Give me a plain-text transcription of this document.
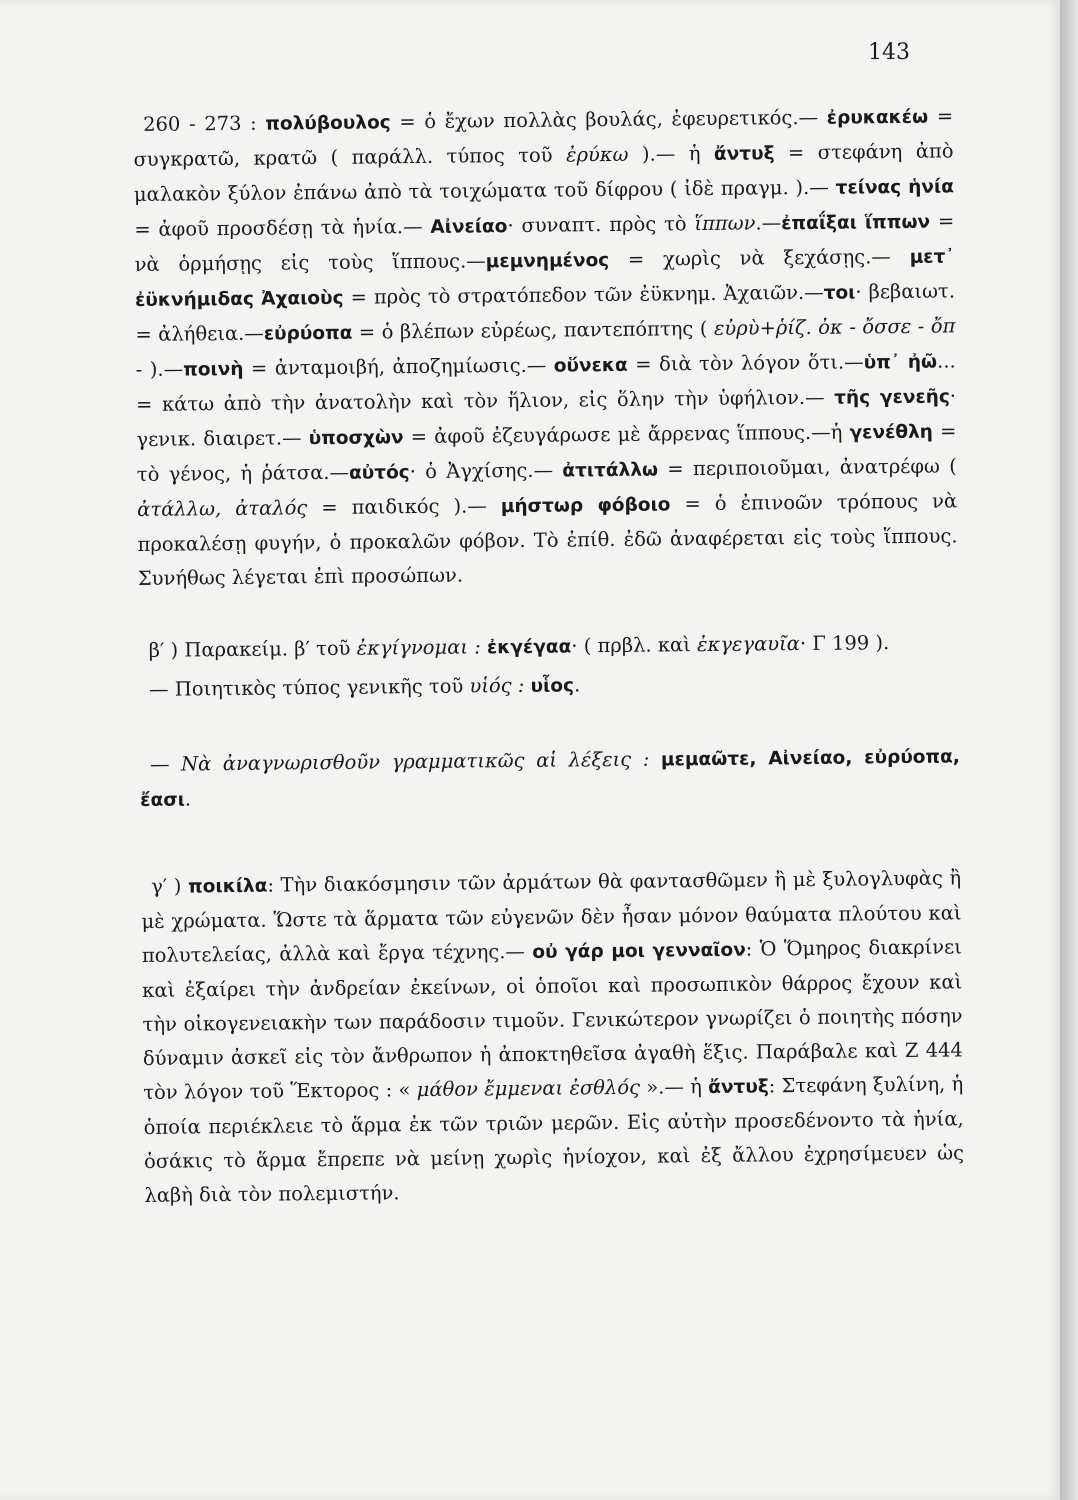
143

260 - 273 : πολύβουλος = ὁ ἔχων πολλὰς βουλάς, ἐφευρετικός.— ἐρυκακέω = συγκρατῶ, κρατῶ ( παράλλ. τύπος τοῦ ἐρύκω ).— ἡ ἄντυξ = στεφάνη ἀπὸ μαλακὸν ξύλον ἐπάνω ἀπὸ τὰ τοιχώματα τοῦ δίφρου ( ἰδὲ πραγμ. ).— τείνας ἡνία = ἀφοῦ προσδέσῃ τὰ ἡνία.— Αἰνείαο· συναπτ. πρὸς τὸ ἵππων.—ἐπαΐξαι ἵππων = νὰ ὁρμήσῃς εἰς τοὺς ἵππους.—μεμνημένος = χωρὶς νὰ ξεχάσῃς.— μετ᾽ ἐϋκνήμιδας Ἀχαιοὺς = πρὸς τὸ στρατόπεδον τῶν ἐϋκνημ. Ἀχαιῶν.—τοι· βεβαιωτ. = ἀλήθεια.—εὐρύοπα = ὁ βλέπων εὐρέως, παντεπόπτης ( εὐρὺ+ῥίζ. ὀκ - ὄσσε - ὄπ - ).—ποινὴ = ἀνταμοιβή, ἀποζημίωσις.— οὕνεκα = διὰ τὸν λόγον ὅτι.—ὑπ᾽ ἠῶ... = κάτω ἀπὸ τὴν ἀνατολὴν καὶ τὸν ἥλιον, εἰς ὅλην τὴν ὑφήλιον.— τῆς γενεῆς· γενικ. διαιρετ.— ὑποσχὼν = ἀφοῦ ἐζευγάρωσε μὲ ἄρρενας ἵππους.—ἡ γενέθλη = τὸ γένος, ἡ ῥάτσα.—αὐτός· ὁ Ἀγχίσης.— ἀτιτάλλω = περιποιοῦμαι, ἀνατρέφω ( ἀτάλλω, ἀταλός = παιδικός ).— μήστωρ φόβοιο = ὁ ἐπινοῶν τρόπους νὰ προκαλέσῃ φυγήν, ὁ προκαλῶν φόβον. Τὸ ἐπίθ. ἐδῶ ἀναφέρεται εἰς τοὺς ἵππους. Συνήθως λέγεται ἐπὶ προσώπων.

β′ ) Παρακείμ. β′ τοῦ ἐκγίγνομαι : ἐκγέγαα· ( πρβλ. καὶ ἐκγεγαυῖα· Γ 199 ).

— Ποιητικὸς τύπος γενικῆς τοῦ υἱός : υἷος.

— Νὰ ἀναγνωρισθοῦν γραμματικῶς αἱ λέξεις : μεμαῶτε, Αἰνείαο, εὐρύοπα, ἔασι.

γ′ ) ποικίλα: Τὴν διακόσμησιν τῶν ἁρμάτων θὰ φαντασθῶμεν ἢ μὲ ξυλογλυφὰς ἢ μὲ χρώματα. Ὥστε τὰ ἅρματα τῶν εὐγενῶν δὲν ἦσαν μόνον θαύματα πλούτου καὶ πολυτελείας, ἀλλὰ καὶ ἔργα τέχνης.— οὐ γάρ μοι γενναῖον: Ὁ Ὅμηρος διακρίνει καὶ ἐξαίρει τὴν ἀνδρείαν ἐκείνων, οἱ ὁποῖοι καὶ προσωπικὸν θάρρος ἔχουν καὶ τὴν οἰκογενειακὴν των παράδοσιν τιμοῦν. Γενικώτερον γνωρίζει ὁ ποιητὴς πόσην δύναμιν ἀσκεῖ εἰς τὸν ἄνθρωπον ἡ ἀποκτηθεῖσα ἀγαθὴ ἕξις. Παράβαλε καὶ Ζ 444 τὸν λόγον τοῦ Ἕκτορος : « μάθον ἔμμεναι ἐσθλός ».— ἡ ἄντυξ: Στεφάνη ξυλίνη, ἡ ὁποία περιέκλειε τὸ ἅρμα ἐκ τῶν τριῶν μερῶν. Εἰς αὐτὴν προσεδένοντο τὰ ἡνία, ὁσάκις τὸ ἅρμα ἔπρεπε νὰ μείνῃ χωρὶς ἡνίοχον, καὶ ἐξ ἄλλου ἐχρησίμευεν ὡς λαβὴ διὰ τὸν πολεμιστήν.
